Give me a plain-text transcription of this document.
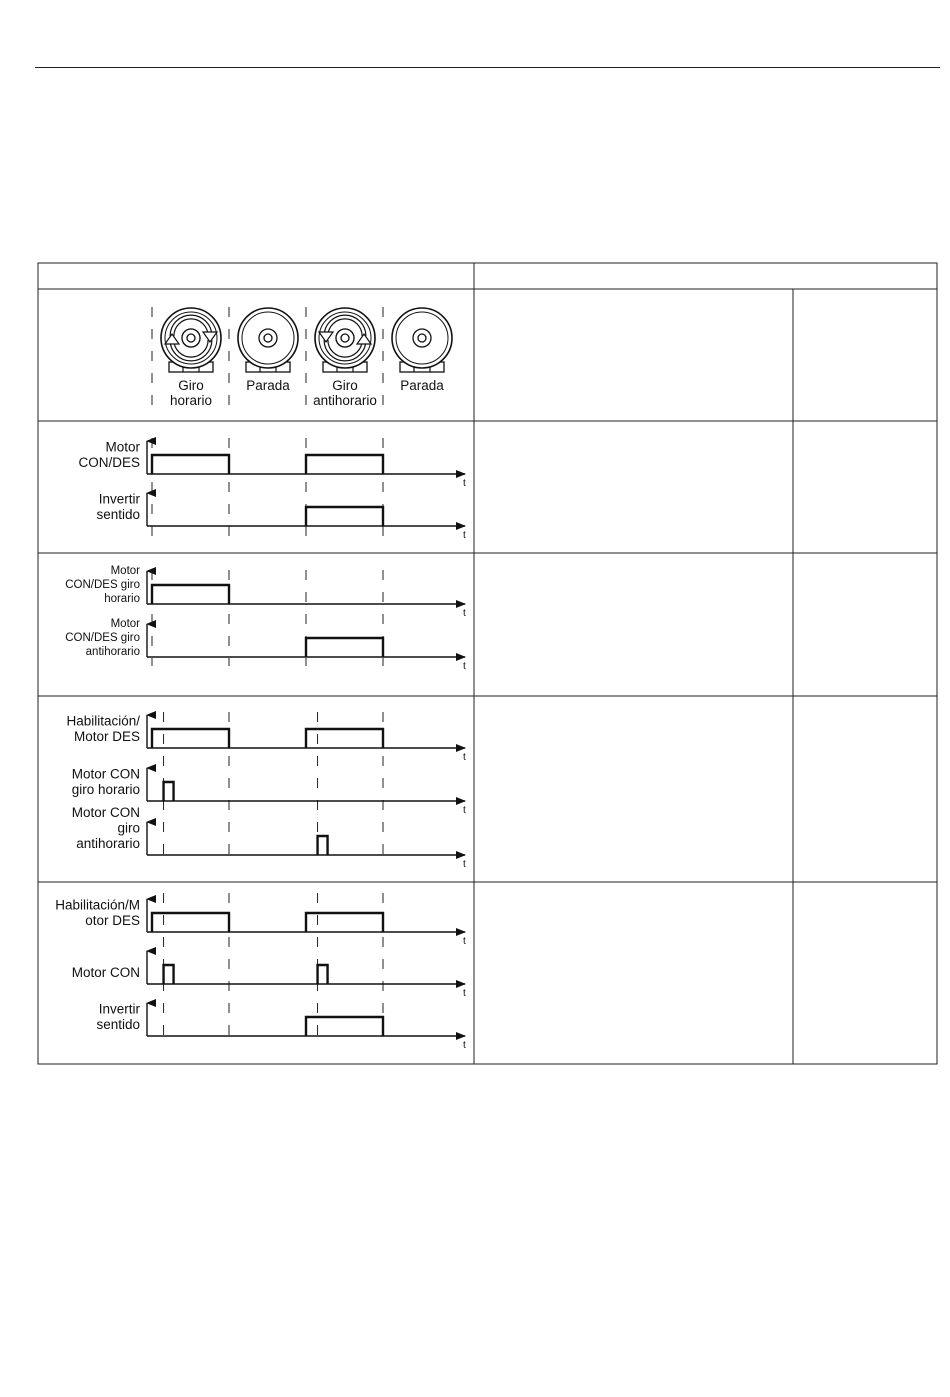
Giro
horario
Parada	Giro
antihorario
Parada
t
Motor
CON/DES
t
Invertir
sentido
t
Motor
CON/DES giro
horario
t
Motor
CON/DES giro
antihorario
t
Habilitación/
Motor DES
t
Motor CON
giro horario
t
Motor CON
giro
antihorario
t
Habilitación/M
otor DES
t
Motor CON
t
Invertir
sentido
